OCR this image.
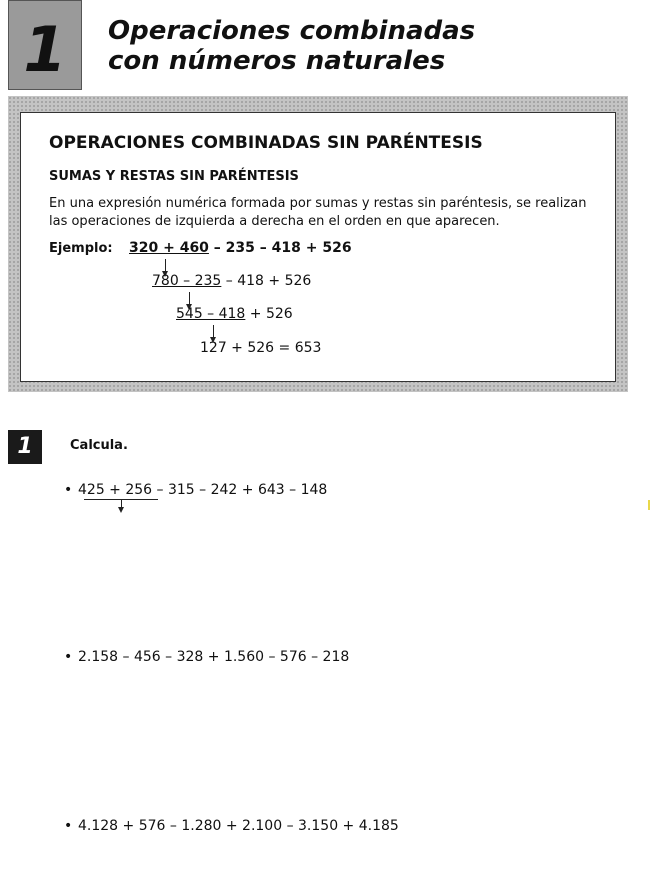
1	Operaciones combinadas
con números naturales
OPERACIONES COMBINADAS SIN PARÉNTESIS
SUMAS Y RESTAS SIN PARÉNTESIS

En una expresión numérica formada por sumas y restas sin paréntesis, se realizan las operaciones de izquierda a derecha en el orden en que aparecen.

Ejemplo: 320 + 460 – 235 – 418 + 526
780 – 235 – 418 + 526
545 – 418 + 526
127 + 526 = 653
1	Calcula.
• 425 + 256 – 315 – 242 + 643 – 148
• 2.158 – 456 – 328 + 1.560 – 576 – 218
• 4.128 + 576 – 1.280 + 2.100 – 3.150 + 4.185
